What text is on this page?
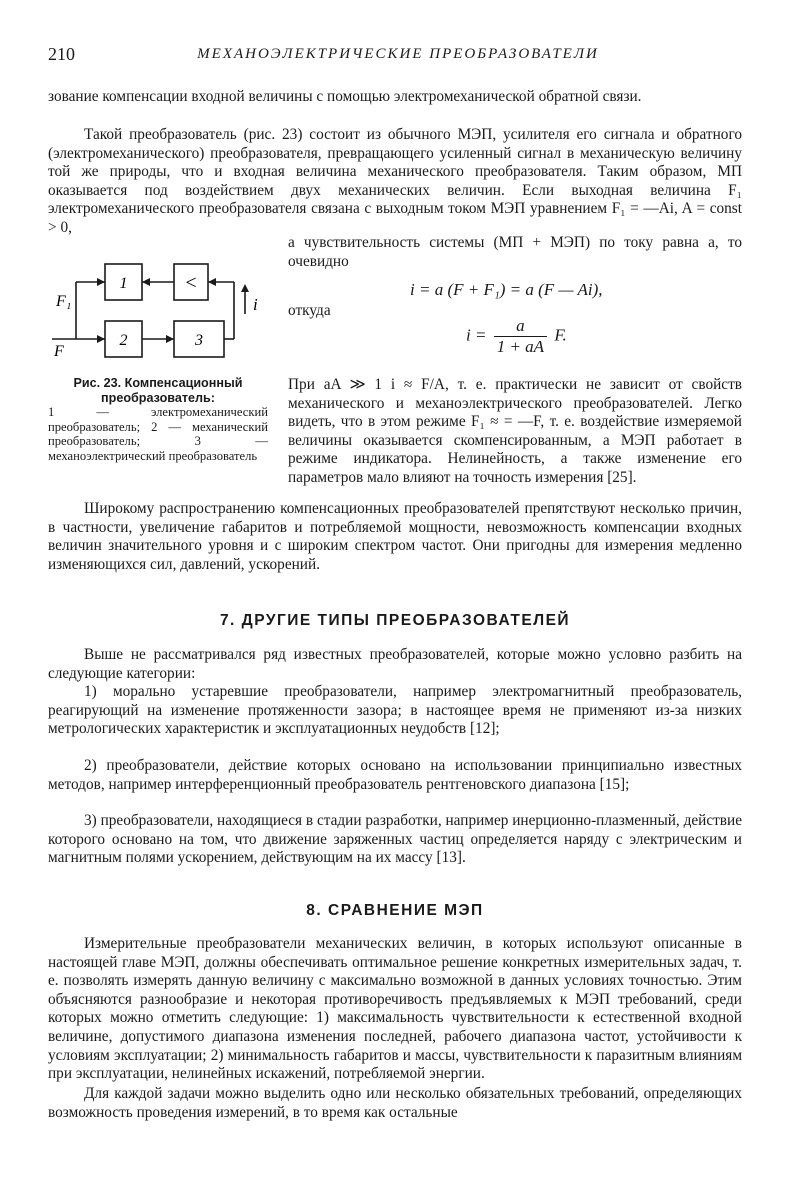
210	МЕХАНОЭЛЕКТРИЧЕСКИЕ ПРЕОБРАЗОВАТЕЛИ

зование компенсации входной величины с помощью электромеханической обратной связи.

Такой преобразователь (рис. 23) состоит из обычного МЭП, усилителя его сигнала и обратного (электромеханического) преобразователя, превращающего усиленный сигнал в механическую величину той же природы, что и входная величина механического преобразователя. Таким образом, МП оказывается под воздействием двух механических величин. Если выходная величина F₁ электромеханического преобразователя связана с выходным током МЭП уравнением F₁ = —Ai, A = const > 0,

а чувствительность системы (МП + МЭП) по току равна a, то очевидно

1	<
2	3
F₁
F
i

i = a (F + F₁) = a (F — Ai),

откуда

$i = \frac{a}{1 + aA} F$.

Рис. 23. Компенсационный преобразователь:
1 — электромеханический преобразователь; 2 — механический преобразователь; 3 — механоэлектрический преобразователь

При aA ≫ 1 i ≈ F/A, т. е. практически не зависит от свойств механического и механоэлектрического преобразователей. Легко видеть, что в этом режиме F₁ ≈ = —F, т. е. воздействие измеряемой величины оказывается скомпенсированным, а МЭП работает в режиме индикатора. Нелинейность, а также изменение его параметров мало влияют на точность измерения [25].

Широкому распространению компенсационных преобразователей препятствуют несколько причин, в частности, увеличение габаритов и потребляемой мощности, невозможность компенсации входных величин значительного уровня и с широким спектром частот. Они пригодны для измерения медленно изменяющихся сил, давлений, ускорений.

7. ДРУГИЕ ТИПЫ ПРЕОБРАЗОВАТЕЛЕЙ

Выше не рассматривался ряд известных преобразователей, которые можно условно разбить на следующие категории:

1) морально устаревшие преобразователи, например электромагнитный преобразователь, реагирующий на изменение протяженности зазора; в настоящее время не применяют из-за низких метрологических характеристик и эксплуатационных неудобств [12];

2) преобразователи, действие которых основано на использовании принципиально известных методов, например интерференционный преобразователь рентгеновского диапазона [15];

3) преобразователи, находящиеся в стадии разработки, например инерционно-плазменный, действие которого основано на том, что движение заряженных частиц определяется наряду с электрическим и магнитным полями ускорением, действующим на их массу [13].

8. СРАВНЕНИЕ МЭП

Измерительные преобразователи механических величин, в которых используют описанные в настоящей главе МЭП, должны обеспечивать оптимальное решение конкретных измерительных задач, т. е. позволять измерять данную величину с максимально возможной в данных условиях точностью. Этим объясняются разнообразие и некоторая противоречивость предъявляемых к МЭП требований, среди которых можно отметить следующие: 1) максимальность чувствительности к естественной входной величине, допустимого диапазона изменения последней, рабочего диапазона частот, устойчивости к условиям эксплуатации; 2) минимальность габаритов и массы, чувствительности к паразитным влияниям при эксплуатации, нелинейных искажений, потребляемой энергии.

Для каждой задачи можно выделить одно или несколько обязательных требований, определяющих возможность проведения измерений, в то время как остальные
